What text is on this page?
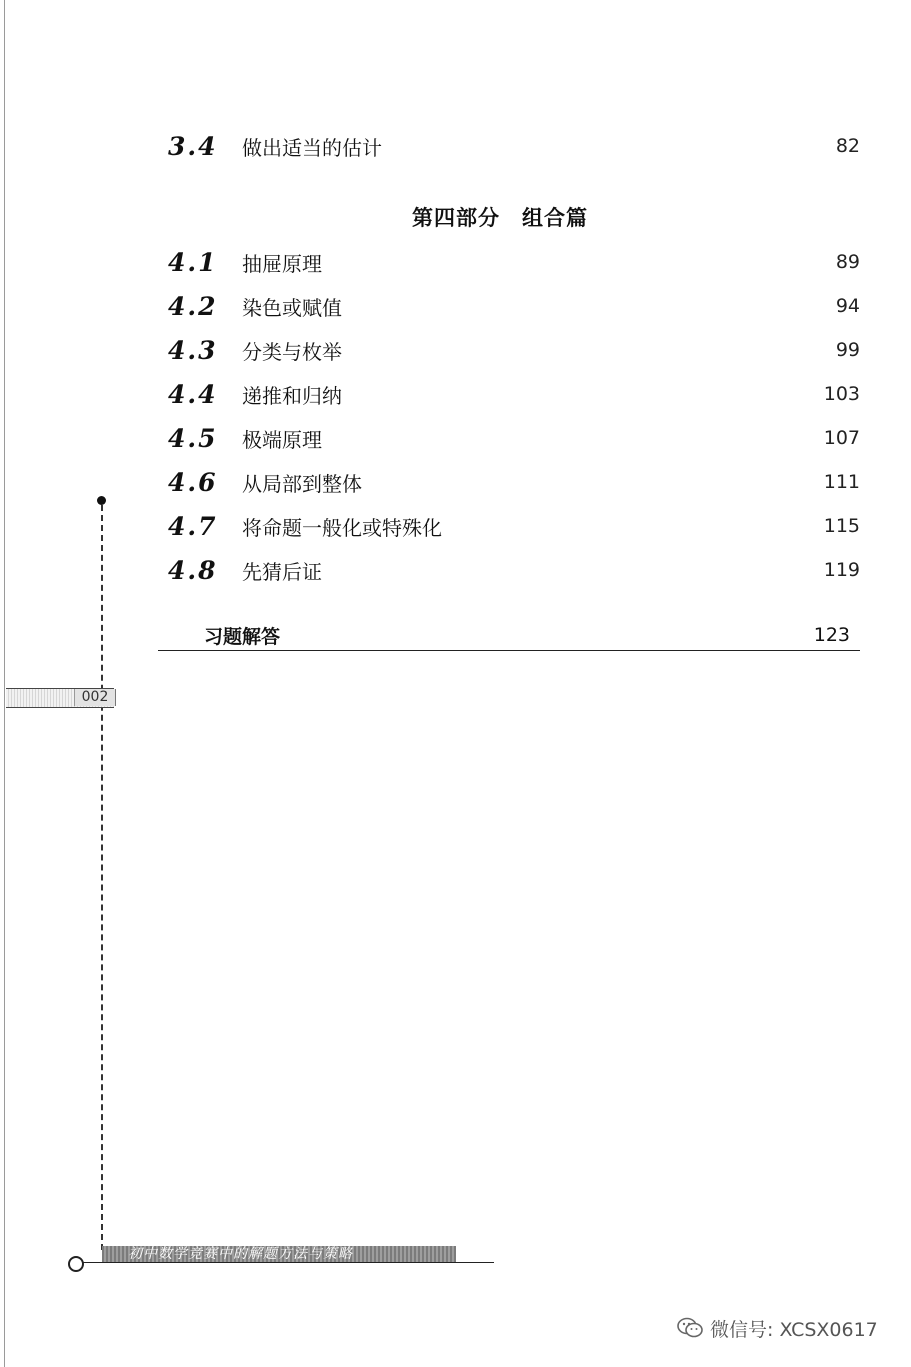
3.4	做出适当的估计	82
第四部分　组合篇
4.1	抽屉原理	89
4.2	染色或赋值	94
4.3	分类与枚举	99
4.4	递推和归纳	103
4.5	极端原理	107
4.6	从局部到整体	111
4.7	将命题一般化或特殊化	115
4.8	先猜后证	119
习题解答	123
002
初中数学竞赛中的解题方法与策略
微信号: XCSX0617
